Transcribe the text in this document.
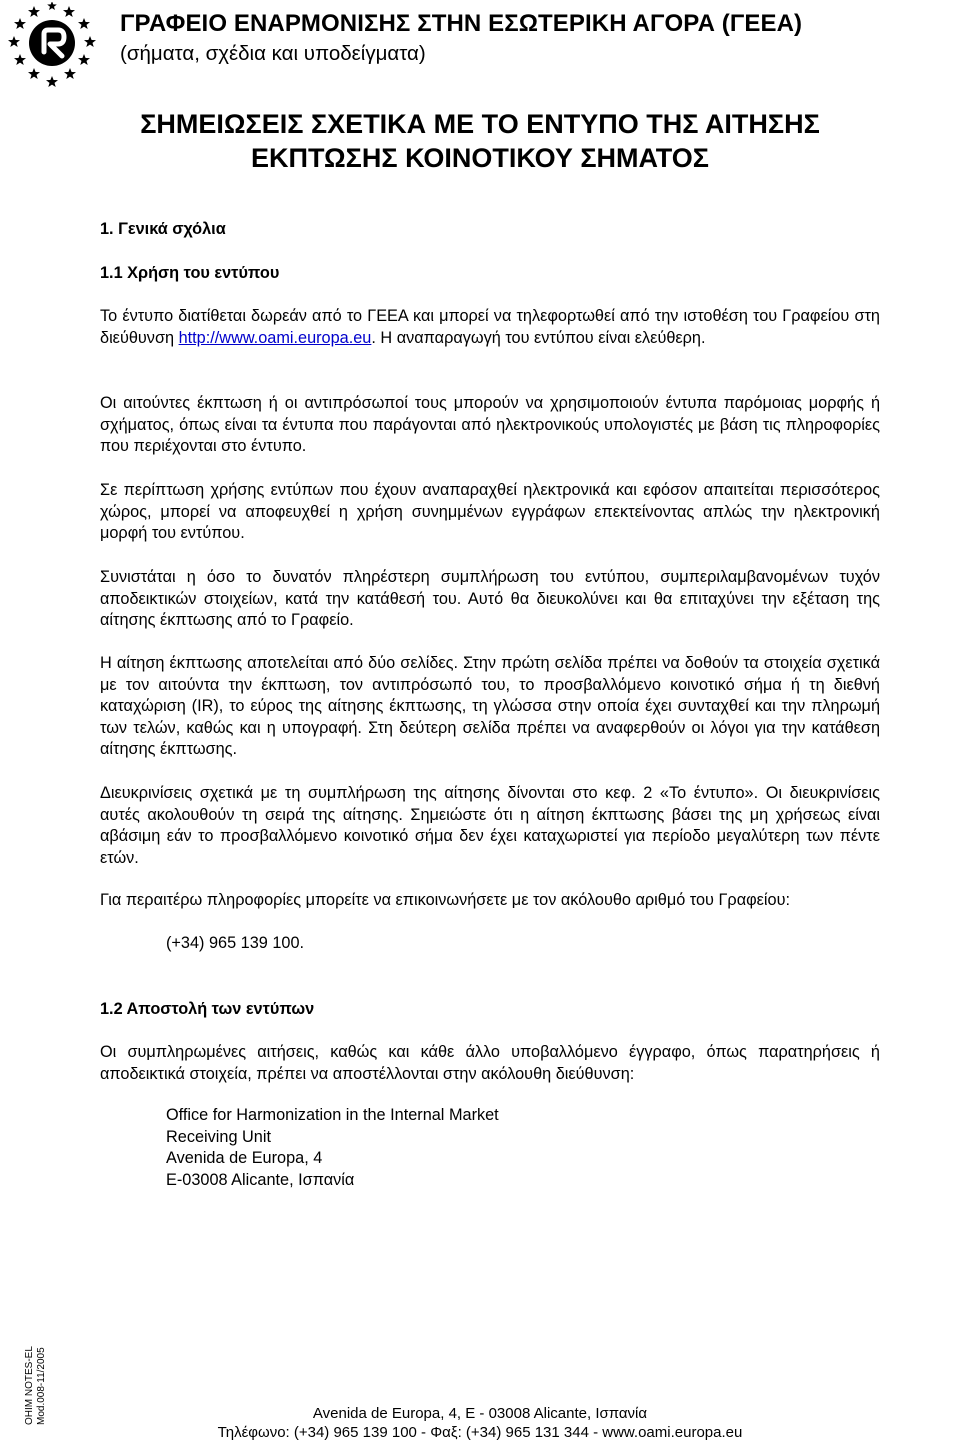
ΓΡΑΦΕΙΟ ΕΝΑΡΜΟΝΙΣΗΣ ΣΤΗΝ ΕΣΩΤΕΡΙΚΗ ΑΓΟΡΑ (ΓΕΕΑ)

(σήματα, σχέδια και υποδείγματα)

ΣΗΜΕΙΩΣΕΙΣ ΣΧΕΤΙΚΑ ΜΕ ΤΟ ΕΝΤΥΠΟ ΤΗΣ ΑΙΤΗΣΗΣ
ΕΚΠΤΩΣΗΣ ΚΟΙΝΟΤΙΚΟΥ ΣΗΜΑΤΟΣ
1. Γενικά σχόλια
1.1 Χρήση του εντύπου
Το έντυπο διατίθεται δωρεάν από το ΓΕΕΑ και μπορεί να τηλεφορτωθεί από την ιστοθέση του Γραφείου στη διεύθυνση http://www.oami.europa.eu. Η αναπαραγωγή του εντύπου είναι ελεύθερη.
Οι αιτούντες έκπτωση ή οι αντιπρόσωποί τους μπορούν να χρησιμοποιούν έντυπα παρόμοιας μορφής ή σχήματος, όπως είναι τα έντυπα που παράγονται από ηλεκτρονικούς υπολογιστές με βάση τις πληροφορίες που περιέχονται στο έντυπο.
Σε περίπτωση χρήσης εντύπων που έχουν αναπαραχθεί ηλεκτρονικά και εφόσον απαιτείται περισσότερος χώρος, μπορεί να αποφευχθεί η χρήση συνημμένων εγγράφων επεκτείνοντας απλώς την ηλεκτρονική μορφή του εντύπου.
Συνιστάται η όσο το δυνατόν πληρέστερη συμπλήρωση του εντύπου, συμπεριλαμβανομένων τυχόν αποδεικτικών στοιχείων, κατά την κατάθεσή του. Αυτό θα διευκολύνει και θα επιταχύνει την εξέταση της αίτησης έκπτωσης από το Γραφείο.
Η αίτηση έκπτωσης αποτελείται από δύο σελίδες. Στην πρώτη σελίδα πρέπει να δοθούν τα στοιχεία σχετικά με τον αιτούντα την έκπτωση, τον αντιπρόσωπό του, το προσβαλλόμενο κοινοτικό σήμα ή τη διεθνή καταχώριση (IR), το εύρος της αίτησης έκπτωσης, τη γλώσσα στην οποία έχει συνταχθεί και την πληρωμή των τελών, καθώς και η υπογραφή. Στη δεύτερη σελίδα πρέπει να αναφερθούν οι λόγοι για την κατάθεση αίτησης έκπτωσης.
Διευκρινίσεις σχετικά με τη συμπλήρωση της αίτησης δίνονται στο κεφ. 2 «Το έντυπο». Οι διευκρινίσεις αυτές ακολουθούν τη σειρά της αίτησης. Σημειώστε ότι η αίτηση έκπτωσης βάσει της μη χρήσεως είναι αβάσιμη εάν το προσβαλλόμενο κοινοτικό σήμα δεν έχει καταχωριστεί για περίοδο μεγαλύτερη των πέντε ετών.
Για περαιτέρω πληροφορίες μπορείτε να επικοινωνήσετε με τον ακόλουθο αριθμό του Γραφείου:
(+34) 965 139 100.
1.2 Αποστολή των εντύπων
Οι συμπληρωμένες αιτήσεις, καθώς και κάθε άλλο υποβαλλόμενο έγγραφο, όπως παρατηρήσεις ή αποδεικτικά στοιχεία, πρέπει να αποστέλλονται στην ακόλουθη διεύθυνση:
Office for Harmonization in the Internal Market
Receiving Unit
Avenida de Europa, 4
E-03008 Alicante, Ισπανία
OHIM NOTES-EL Mod.008-11/2005	Avenida de Europa, 4, E - 03008 Alicante, Ισπανία
Τηλέφωνο: (+34) 965 139 100 - Φαξ: (+34) 965 131 344 - www.oami.europa.eu
